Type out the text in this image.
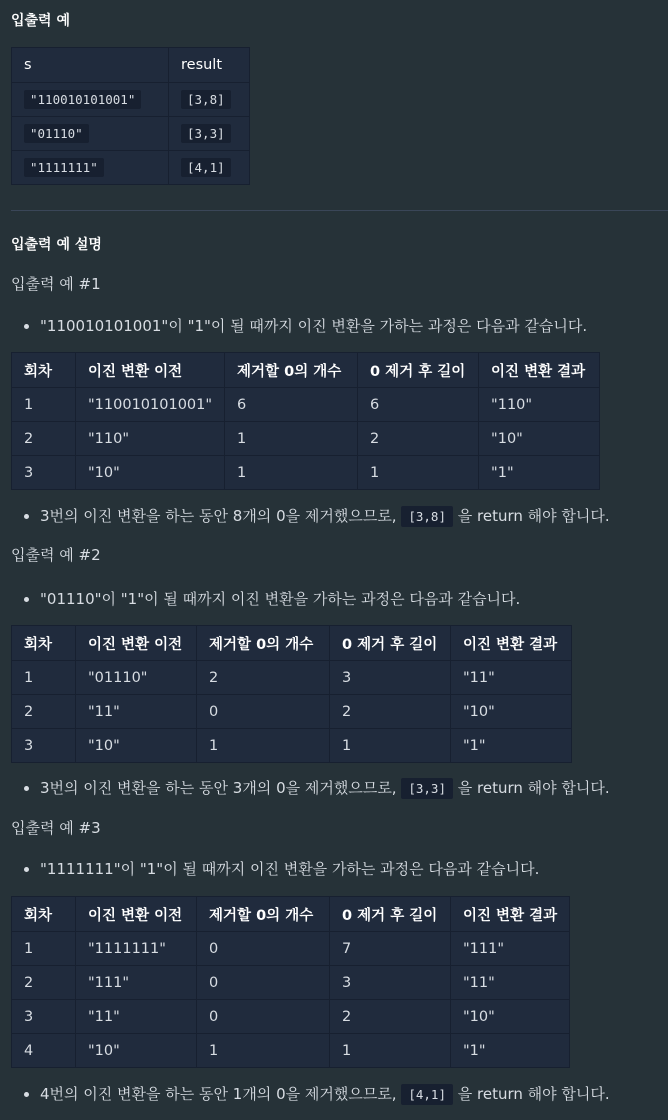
입출력 예
s	result
"110010101001"	[3,8]
"01110"	[3,3]
"1111111"	[4,1]
입출력 예 설명

입출력 예 #1

"110010101001"이 "1"이 될 때까지 이진 변환을 가하는 과정은 다음과 같습니다.
회차	이진 변환 이전	제거할 0의 개수	0 제거 후 길이	이진 변환 결과
1	"110010101001"	6	6	"110"
2	"110"	1	2	"10"
3	"10"	1	1	"1"
3번의 이진 변환을 하는 동안 8개의 0을 제거했으므로, [3,8] 을 return 해야 합니다.

입출력 예 #2

"01110"이 "1"이 될 때까지 이진 변환을 가하는 과정은 다음과 같습니다.
회차	이진 변환 이전	제거할 0의 개수	0 제거 후 길이	이진 변환 결과
1	"01110"	2	3	"11"
2	"11"	0	2	"10"
3	"10"	1	1	"1"
3번의 이진 변환을 하는 동안 3개의 0을 제거했으므로, [3,3] 을 return 해야 합니다.

입출력 예 #3

"1111111"이 "1"이 될 때까지 이진 변환을 가하는 과정은 다음과 같습니다.
회차	이진 변환 이전	제거할 0의 개수	0 제거 후 길이	이진 변환 결과
1	"1111111"	0	7	"111"
2	"111"	0	3	"11"
3	"11"	0	2	"10"
4	"10"	1	1	"1"
4번의 이진 변환을 하는 동안 1개의 0을 제거했으므로, [4,1] 을 return 해야 합니다.
